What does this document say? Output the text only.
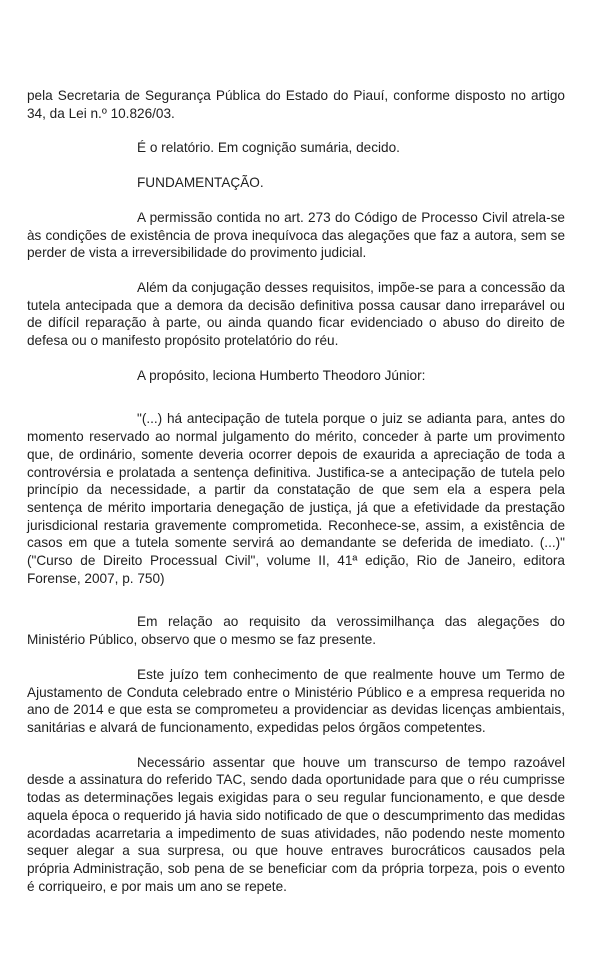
pela Secretaria de Segurança Pública do Estado do Piauí, conforme disposto no artigo 34, da Lei n.º 10.826/03.

É o relatório. Em cognição sumária, decido.

FUNDAMENTAÇÃO.

A permissão contida no art. 273 do Código de Processo Civil atrela-se às condições de existência de prova inequívoca das alegações que faz a autora, sem se perder de vista a irreversibilidade do provimento judicial.

Além da conjugação desses requisitos, impõe-se para a concessão da tutela antecipada que a demora da decisão definitiva possa causar dano irreparável ou de difícil reparação à parte, ou ainda quando ficar evidenciado o abuso do direito de defesa ou o manifesto propósito protelatório do réu.

A propósito, leciona Humberto Theodoro Júnior:

"(...) há antecipação de tutela porque o juiz se adianta para, antes do momento reservado ao normal julgamento do mérito, conceder à parte um provimento que, de ordinário, somente deveria ocorrer depois de exaurida a apreciação de toda a controvérsia e prolatada a sentença definitiva. Justifica-se a antecipação de tutela pelo princípio da necessidade, a partir da constatação de que sem ela a espera pela sentença de mérito importaria denegação de justiça, já que a efetividade da prestação jurisdicional restaria gravemente comprometida. Reconhece-se, assim, a existência de casos em que a tutela somente servirá ao demandante se deferida de imediato. (...)" ("Curso de Direito Processual Civil", volume II, 41ª edição, Rio de Janeiro, editora Forense, 2007, p. 750)

Em relação ao requisito da verossimilhança das alegações do Ministério Público, observo que o mesmo se faz presente.

Este juízo tem conhecimento de que realmente houve um Termo de Ajustamento de Conduta celebrado entre o Ministério Público e a empresa requerida no ano de 2014 e que esta se comprometeu a providenciar as devidas licenças ambientais, sanitárias e alvará de funcionamento, expedidas pelos órgãos competentes.

Necessário assentar que houve um transcurso de tempo razoável desde a assinatura do referido TAC, sendo dada oportunidade para que o réu cumprisse todas as determinações legais exigidas para o seu regular funcionamento, e que desde aquela época o requerido já havia sido notificado de que o descumprimento das medidas acordadas acarretaria a impedimento de suas atividades, não podendo neste momento sequer alegar a sua surpresa, ou que houve entraves burocráticos causados pela própria Administração, sob pena de se beneficiar com da própria torpeza, pois o evento é corriqueiro, e por mais um ano se repete.
